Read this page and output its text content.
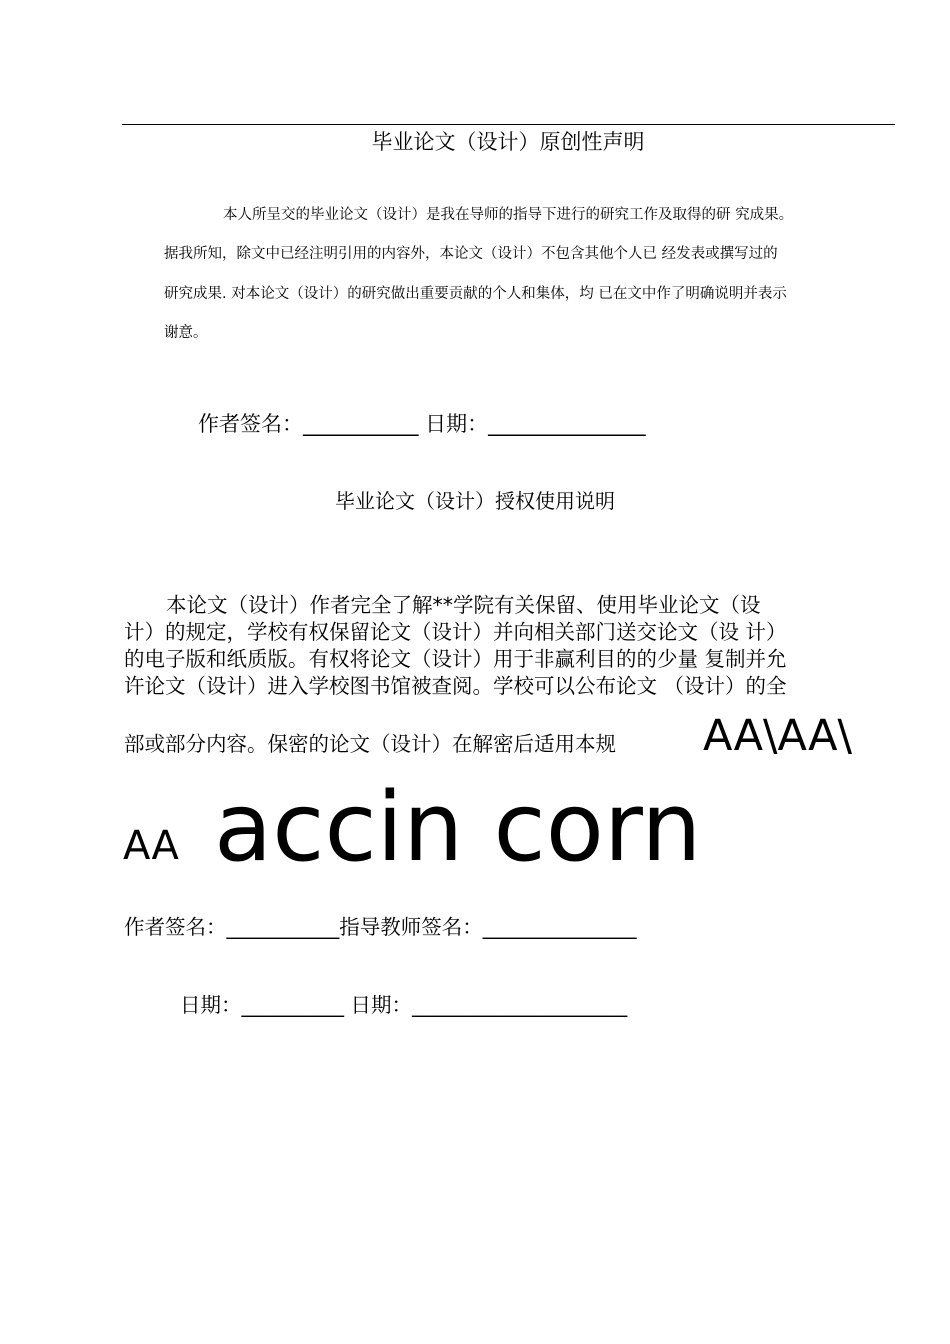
毕业论文（设计）原创性声明
本人所呈交的毕业论文（设计）是我在导师的指导下进行的研究工作及取得的研 究成果。
据我所知，除文中已经注明引用的内容外，本论文（设计）不包含其他个人已 经发表或撰写过的
研究成果. 对本论文（设计）的研究做出重要贡献的个人和集体，均 已在文中作了明确说明并表示
谢意。
作者签名：___________ 日期：_______________
毕业论文（设计）授权使用说明
本论文（设计）作者完全了解**学院有关保留、使用毕业论文（设
计）的规定，学校有权保留论文（设计）并向相关部门送交论文（设 计）
的电子版和纸质版。有权将论文（设计）用于非赢利目的的少量 复制并允
许论文（设计）进入学校图书馆被查阅。学校可以公布论文 （设计）的全
部或部分内容。保密的论文（设计）在解密后适用本规 AA\AA\
AA accin corn
作者签名：___________指导教师签名：_______________
日期：__________ 日期：_____________________
